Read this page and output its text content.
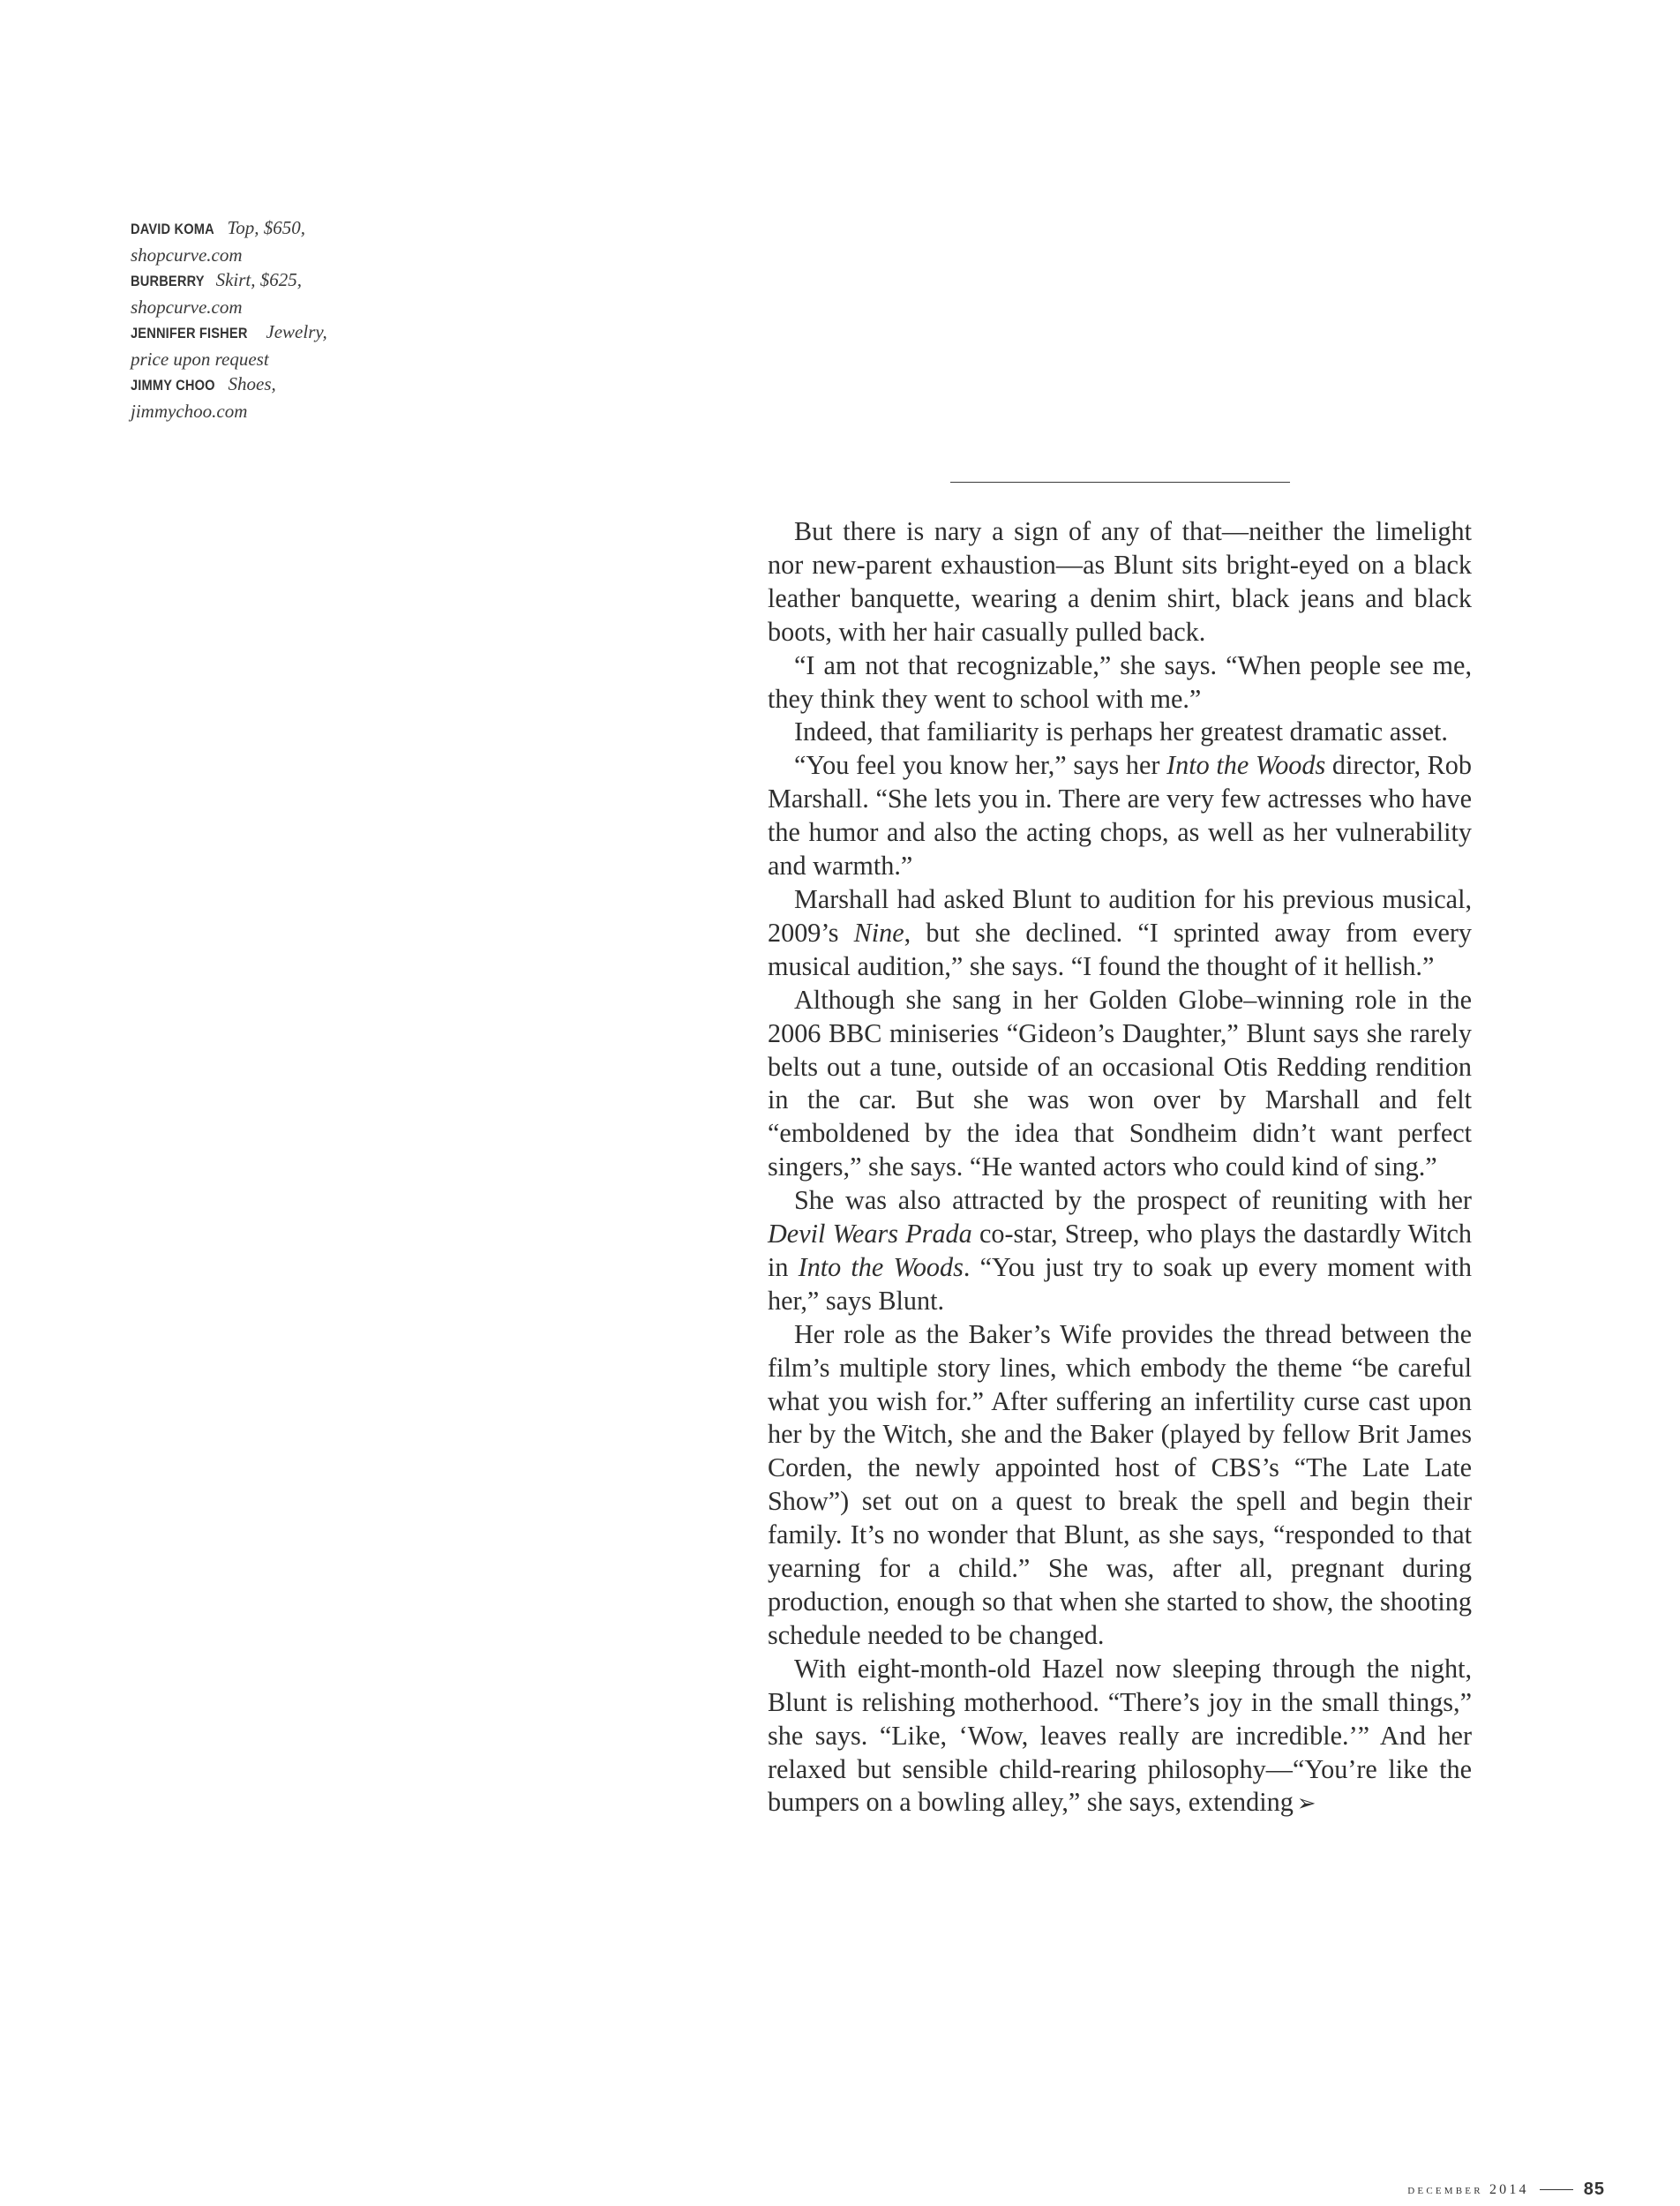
DAVID KOMA Top, $650, shopcurve.com
BURBERRY Skirt, $625, shopcurve.com
JENNIFER FISHER Jewelry, price upon request
JIMMY CHOO Shoes, jimmychoo.com

But there is nary a sign of any of that—neither the limelight nor new-parent exhaustion—as Blunt sits bright-eyed on a black leather banquette, wearing a denim shirt, black jeans and black boots, with her hair casually pulled back.

“I am not that recognizable,” she says. “When people see me, they think they went to school with me.”

Indeed, that familiarity is perhaps her greatest dramatic asset.

“You feel you know her,” says her Into the Woods director, Rob Marshall. “She lets you in. There are very few actresses who have the humor and also the acting chops, as well as her vulnerability and warmth.”

Marshall had asked Blunt to audition for his previous musical, 2009’s Nine, but she declined. “I sprinted away from every musical audition,” she says. “I found the thought of it hellish.”

Although she sang in her Golden Globe–winning role in the 2006 BBC miniseries “Gideon’s Daughter,” Blunt says she rarely belts out a tune, outside of an occasional Otis Redding rendition in the car. But she was won over by Marshall and felt “emboldened by the idea that Sondheim didn’t want perfect singers,” she says. “He wanted actors who could kind of sing.”

She was also attracted by the prospect of reuniting with her Devil Wears Prada co-star, Streep, who plays the dastardly Witch in Into the Woods. “You just try to soak up every moment with her,” says Blunt.

Her role as the Baker’s Wife provides the thread between the film’s multiple story lines, which embody the theme “be careful what you wish for.” After suffering an infertility curse cast upon her by the Witch, she and the Baker (played by fellow Brit James Corden, the newly appointed host of CBS’s “The Late Late Show”) set out on a quest to break the spell and begin their family. It’s no wonder that Blunt, as she says, “responded to that yearning for a child.” She was, after all, pregnant during production, enough so that when she started to show, the shooting schedule needed to be changed.

With eight-month-old Hazel now sleeping through the night, Blunt is relishing motherhood. “There’s joy in the small things,” she says. “Like, ‘Wow, leaves really are incredible.’” And her relaxed but sensible child-rearing philosophy—“You’re like the bumpers on a bowling alley,” she says, extending ➢

december 2014	85
